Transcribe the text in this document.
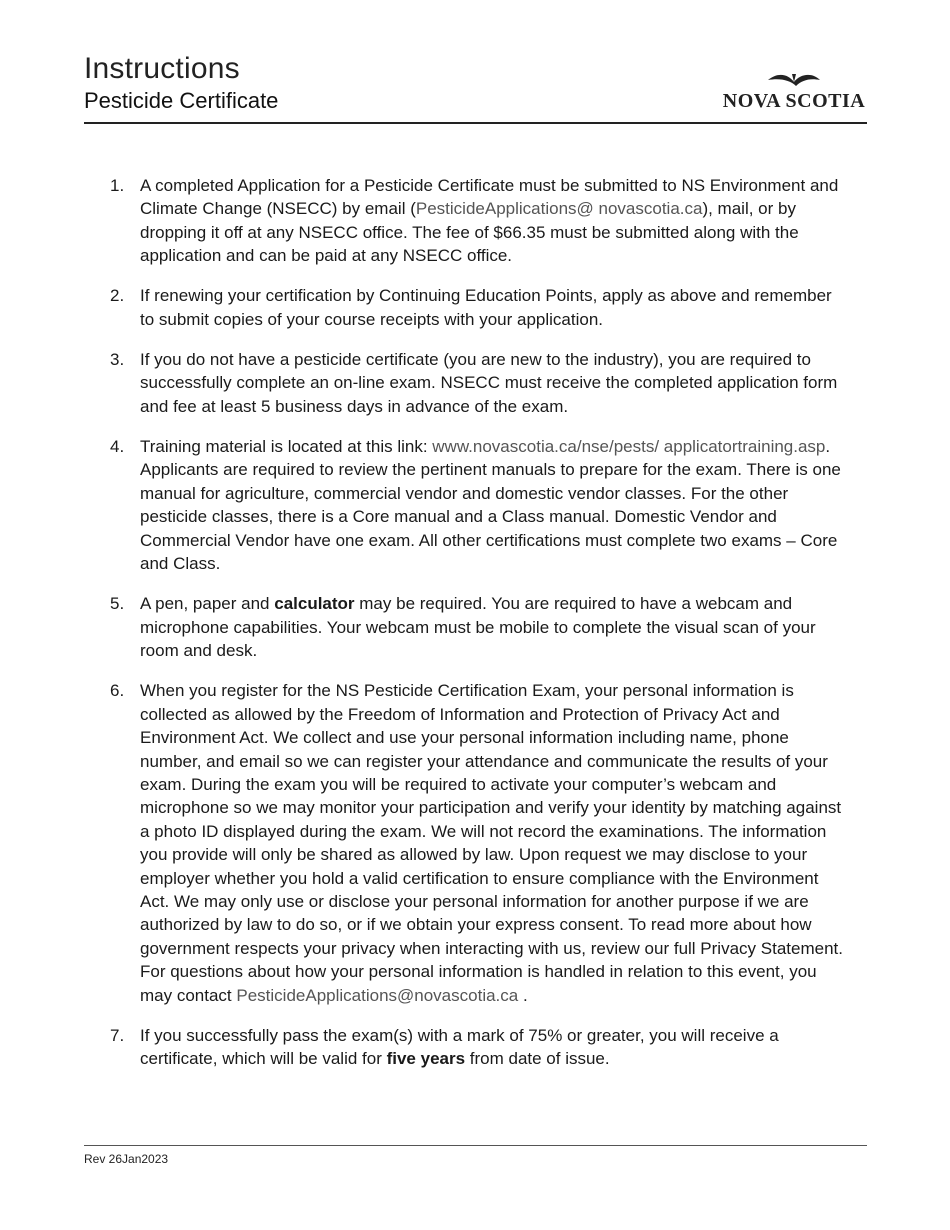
Instructions
Pesticide Certificate	NOVA SCOTIA
1. A completed Application for a Pesticide Certificate must be submitted to NS Environment and Climate Change (NSECC) by email (PesticideApplications@ novascotia.ca), mail, or by dropping it off at any NSECC office. The fee of $66.35 must be submitted along with the application and can be paid at any NSECC office.
2. If renewing your certification by Continuing Education Points, apply as above and remember to submit copies of your course receipts with your application.
3. If you do not have a pesticide certificate (you are new to the industry), you are required to successfully complete an on-line exam. NSECC must receive the completed application form and fee at least 5 business days in advance of the exam.
4. Training material is located at this link: www.novascotia.ca/nse/pests/ applicatortraining.asp. Applicants are required to review the pertinent manuals to prepare for the exam. There is one manual for agriculture, commercial vendor and domestic vendor classes. For the other pesticide classes, there is a Core manual and a Class manual. Domestic Vendor and Commercial Vendor have one exam. All other certifications must complete two exams – Core and Class.
5. A pen, paper and calculator may be required. You are required to have a webcam and microphone capabilities. Your webcam must be mobile to complete the visual scan of your room and desk.
6. When you register for the NS Pesticide Certification Exam, your personal information is collected as allowed by the Freedom of Information and Protection of Privacy Act and Environment Act. We collect and use your personal information including name, phone number, and email so we can register your attendance and communicate the results of your exam. During the exam you will be required to activate your computer’s webcam and microphone so we may monitor your participation and verify your identity by matching against a photo ID displayed during the exam. We will not record the examinations. The information you provide will only be shared as allowed by law. Upon request we may disclose to your employer whether you hold a valid certification to ensure compliance with the Environment Act. We may only use or disclose your personal information for another purpose if we are authorized by law to do so, or if we obtain your express consent. To read more about how government respects your privacy when interacting with us, review our full Privacy Statement. For questions about how your personal information is handled in relation to this event, you may contact PesticideApplications@novascotia.ca .
7. If you successfully pass the exam(s) with a mark of 75% or greater, you will receive a certificate, which will be valid for five years from date of issue.
Rev 26Jan2023
